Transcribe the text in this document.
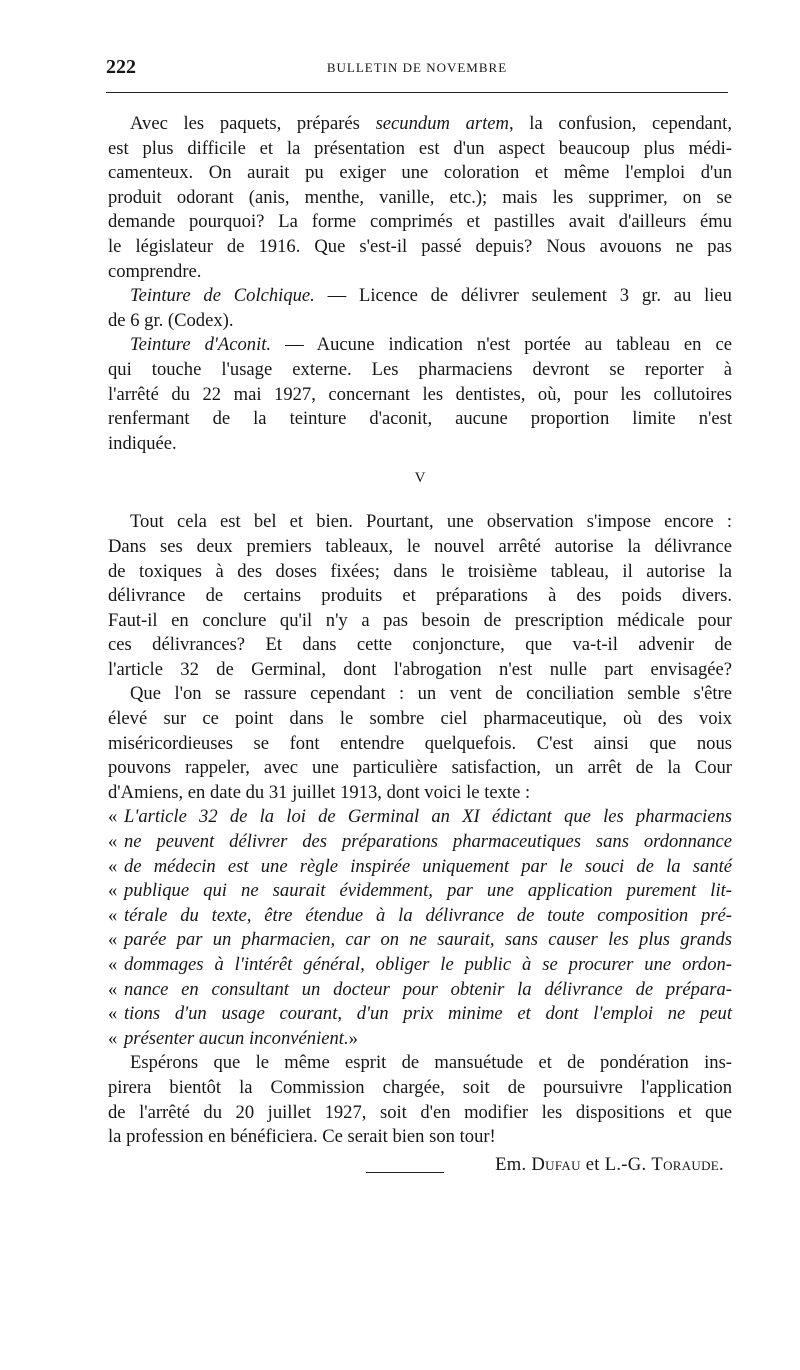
222	BULLETIN DE NOVEMBRE
Avec les paquets, préparés secundum artem, la confusion, cependant,
est plus difficile et la présentation est d'un aspect beaucoup plus médi-
camenteux. On aurait pu exiger une coloration et même l'emploi d'un
produit odorant (anis, menthe, vanille, etc.); mais les supprimer, on se
demande pourquoi? La forme comprimés et pastilles avait d'ailleurs ému
le législateur de 1916. Que s'est-il passé depuis? Nous avouons ne pas
comprendre.
Teinture de Colchique. — Licence de délivrer seulement 3 gr. au lieu
de 6 gr. (Codex).
Teinture d'Aconit. — Aucune indication n'est portée au tableau en ce
qui touche l'usage externe. Les pharmaciens devront se reporter à
l'arrêté du 22 mai 1927, concernant les dentistes, où, pour les collutoires
renfermant de la teinture d'aconit, aucune proportion limite n'est
indiquée.
V
Tout cela est bel et bien. Pourtant, une observation s'impose encore :
Dans ses deux premiers tableaux, le nouvel arrêté autorise la délivrance
de toxiques à des doses fixées; dans le troisième tableau, il autorise la
délivrance de certains produits et préparations à des poids divers.
Faut-il en conclure qu'il n'y a pas besoin de prescription médicale pour
ces délivrances? Et dans cette conjoncture, que va-t-il advenir de
l'article 32 de Germinal, dont l'abrogation n'est nulle part envisagée?
Que l'on se rassure cependant : un vent de conciliation semble s'être
élevé sur ce point dans le sombre ciel pharmaceutique, où des voix
miséricordieuses se font entendre quelquefois. C'est ainsi que nous
pouvons rappeler, avec une particulière satisfaction, un arrêt de la Cour
d'Amiens, en date du 31 juillet 1913, dont voici le texte :
« L'article 32 de la loi de Germinal an XI édictant que les pharmaciens
« ne peuvent délivrer des préparations pharmaceutiques sans ordonnance
« de médecin est une règle inspirée uniquement par le souci de la santé
« publique qui ne saurait évidemment, par une application purement lit-
« térale du texte, être étendue à la délivrance de toute composition pré-
« parée par un pharmacien, car on ne saurait, sans causer les plus grands
« dommages à l'intérêt général, obliger le public à se procurer une ordon-
« nance en consultant un docteur pour obtenir la délivrance de prépara-
« tions d'un usage courant, d'un prix minime et dont l'emploi ne peut
« présenter aucun inconvénient.»
Espérons que le même esprit de mansuétude et de pondération ins-
pirera bientôt la Commission chargée, soit de poursuivre l'application
de l'arrêté du 20 juillet 1927, soit d'en modifier les dispositions et que
la profession en bénéficiera. Ce serait bien son tour!
Em. Dufau et L.-G. Toraude.
